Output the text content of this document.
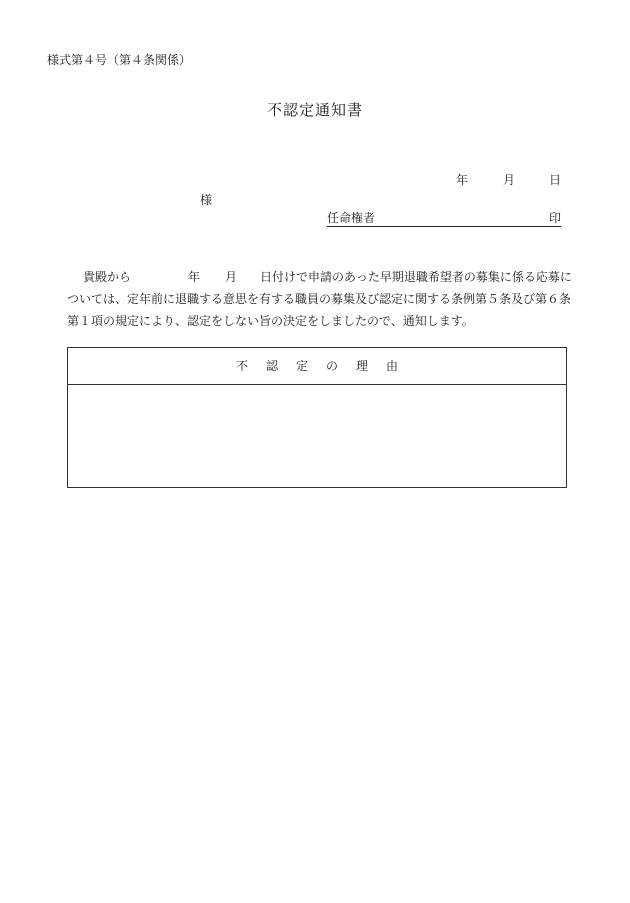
様式第４号（第４条関係）
不認定通知書
年	月	日
様
任命権者	印
貴殿から	年 月 日付けで申請のあった早期退職希望者の募集に係る応募に
ついては、定年前に退職する意思を有する職員の募集及び認定に関する条例第５条及び第６条
第１項の規定により、認定をしない旨の決定をしましたので、通知します。
不 認 定 の 理 由
